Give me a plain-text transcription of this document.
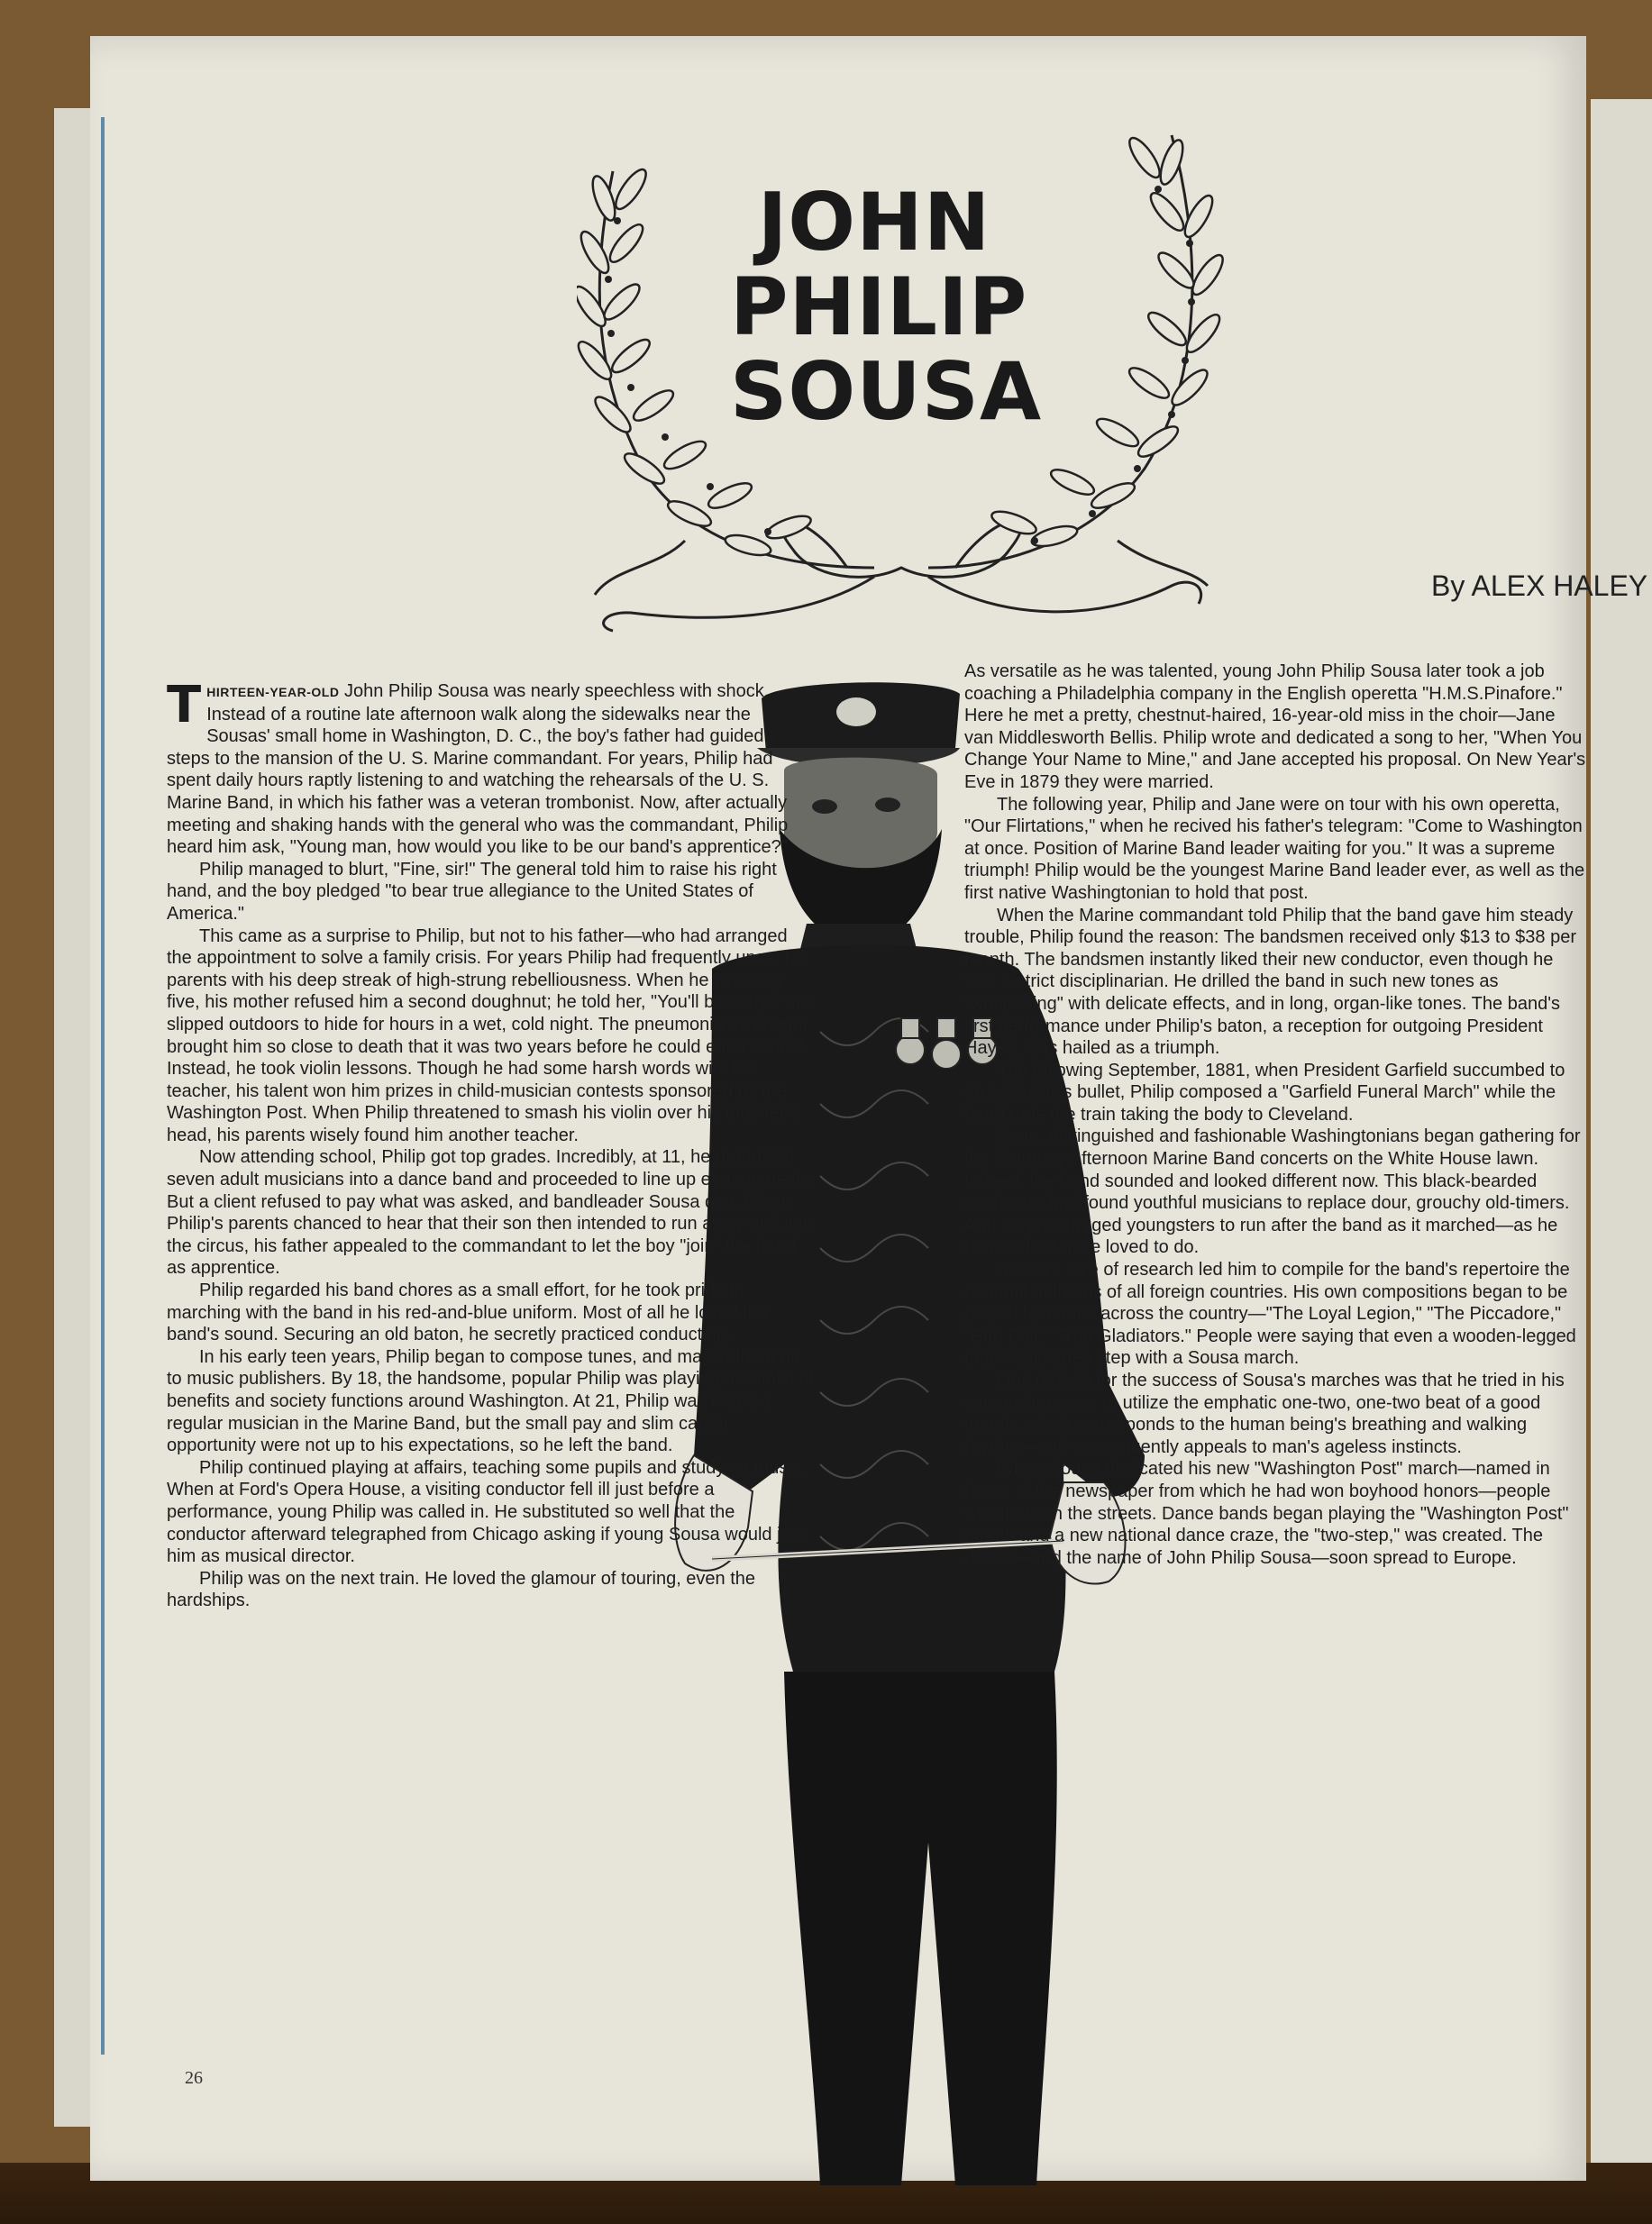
JOHN
PHILIP
SOUSA
By ALEX HALEY

THIRTEEN-YEAR-OLD John Philip Sousa was nearly speechless with shock. Instead of a routine late afternoon walk along the sidewalks near the Sousas' small home in Washington, D. C., the boy's father had guided their steps to the mansion of the U. S. Marine commandant. For years, Philip had spent daily hours raptly listening to and watching the rehearsals of the U. S. Marine Band, in which his father was a veteran trombonist. Now, after actually meeting and shaking hands with the general who was the commandant, Philip heard him ask, "Young man, how would you like to be our band's apprentice?"

Philip managed to blurt, "Fine, sir!" The general told him to raise his right hand, and the boy pledged "to bear true allegiance to the United States of America."

This came as a surprise to Philip, but not to his father—who had arranged the appointment to solve a family crisis. For years Philip had frequently upset his parents with his deep streak of high-strung rebelliousness. When he was only five, his mother refused him a second doughnut; he told her, "You'll be sorry!" and slipped outdoors to hide for hours in a wet, cold night. The pneumonia he caught brought him so close to death that it was two years before he could enter school. Instead, he took violin lessons. Though he had some harsh words with his teacher, his talent won him prizes in child-musician contests sponsored by the Washington Post. When Philip threatened to smash his violin over his teacher's head, his parents wisely found him another teacher.

Now attending school, Philip got top grades. Incredibly, at 11, he organized seven adult musicians into a dance band and proceeded to line up engagements. But a client refused to pay what was asked, and bandleader Sousa quit. When Philip's parents chanced to hear that their son then intended to run away and join the circus, his father appealed to the commandant to let the boy "join" the band as apprentice.

Philip regarded his band chores as a small effort, for he took pride in marching with the band in his red-and-blue uniform. Most of all he loved the band's sound. Securing an old baton, he secretly practiced conducting.

In his early teen years, Philip began to compose tunes, and mailed them off to music publishers. By 18, the handsome, popular Philip was playing his violin at benefits and society functions around Washington. At 21, Philip was made a regular musician in the Marine Band, but the small pay and slim career opportunity were not up to his expectations, so he left the band.

Philip continued playing at affairs, teaching some pupils and studying music. When at Ford's Opera House, a visiting conductor fell ill just before a performance, young Philip was called in. He substituted so well that the conductor afterward telegraphed from Chicago asking if young Sousa would join him as musical director.

Philip was on the next train. He loved the glamour of touring, even the hardships.

As versatile as he was talented, young John Philip Sousa later took a job coaching a Philadelphia company in the English operetta "H.M.S.Pinafore." Here he met a pretty, chestnut-haired, 16-year-old miss in the choir—Jane van Middlesworth Bellis. Philip wrote and dedicated a song to her, "When You Change Your Name to Mine," and Jane accepted his proposal. On New Year's Eve in 1879 they were married.

The following year, Philip and Jane were on tour with his own operetta, "Our Flirtations," when he recived his father's telegram: "Come to Washington at once. Position of Marine Band leader waiting for you." It was a supreme triumph! Philip would be the youngest Marine Band leader ever, as well as the first native Washingtonian to hold that post.

When the Marine commandant told Philip that the band gave him steady trouble, Philip found the reason: The bandsmen received only $13 to $38 per month. The bandsmen instantly liked their new conductor, even though he was a strict disciplinarian. He drilled the band in such new tones as "whispering" with delicate effects, and in long, organ-like tones. The band's first performance under Philip's baton, a reception for outgoing President Hayes, was hailed as a triumph.

The following September, 1881, when President Garfield succumbed to an assassin's bullet, Philip composed a "Garfield Funeral March" while the band rode the train taking the body to Cleveland.

Soon, distinguished and fashionable Washingtonians began gathering for the Saturday afternoon Marine Band concerts on the White House lawn. Indeed, the band sounded and looked different now. This black-bearded conductor had found youthful musicians to replace dour, grouchy old-timers. And he encouraged youngsters to run after the band as it marched—as he himself had once loved to do.

Sousa's love of research led him to compile for the band's repertoire the national anthems of all foreign countries. His own compositions began to be played by bands across the country—"The Loyal Legion," "The Piccadore," "Ben Bolt," "The Gladiators." People were saying that even a wooden-legged man could keep step with a Sousa march.

One reason for the success of Sousa's marches was that he tried in his composing ways to utilize the emphatic one-two, one-two beat of a good march, which corresponds to the human being's breathing and walking rhythm—and consequently appeals to man's ageless instincts.

When Sousa dedicated his new "Washington Post" march—named in honor of the newspaper from which he had won boyhood honors—people whistled it in the streets. Dance bands began playing the "Washington Post" march and a new national dance craze, the "two-step," was created. The dance—and the name of John Philip Sousa—soon spread to Europe.

26
